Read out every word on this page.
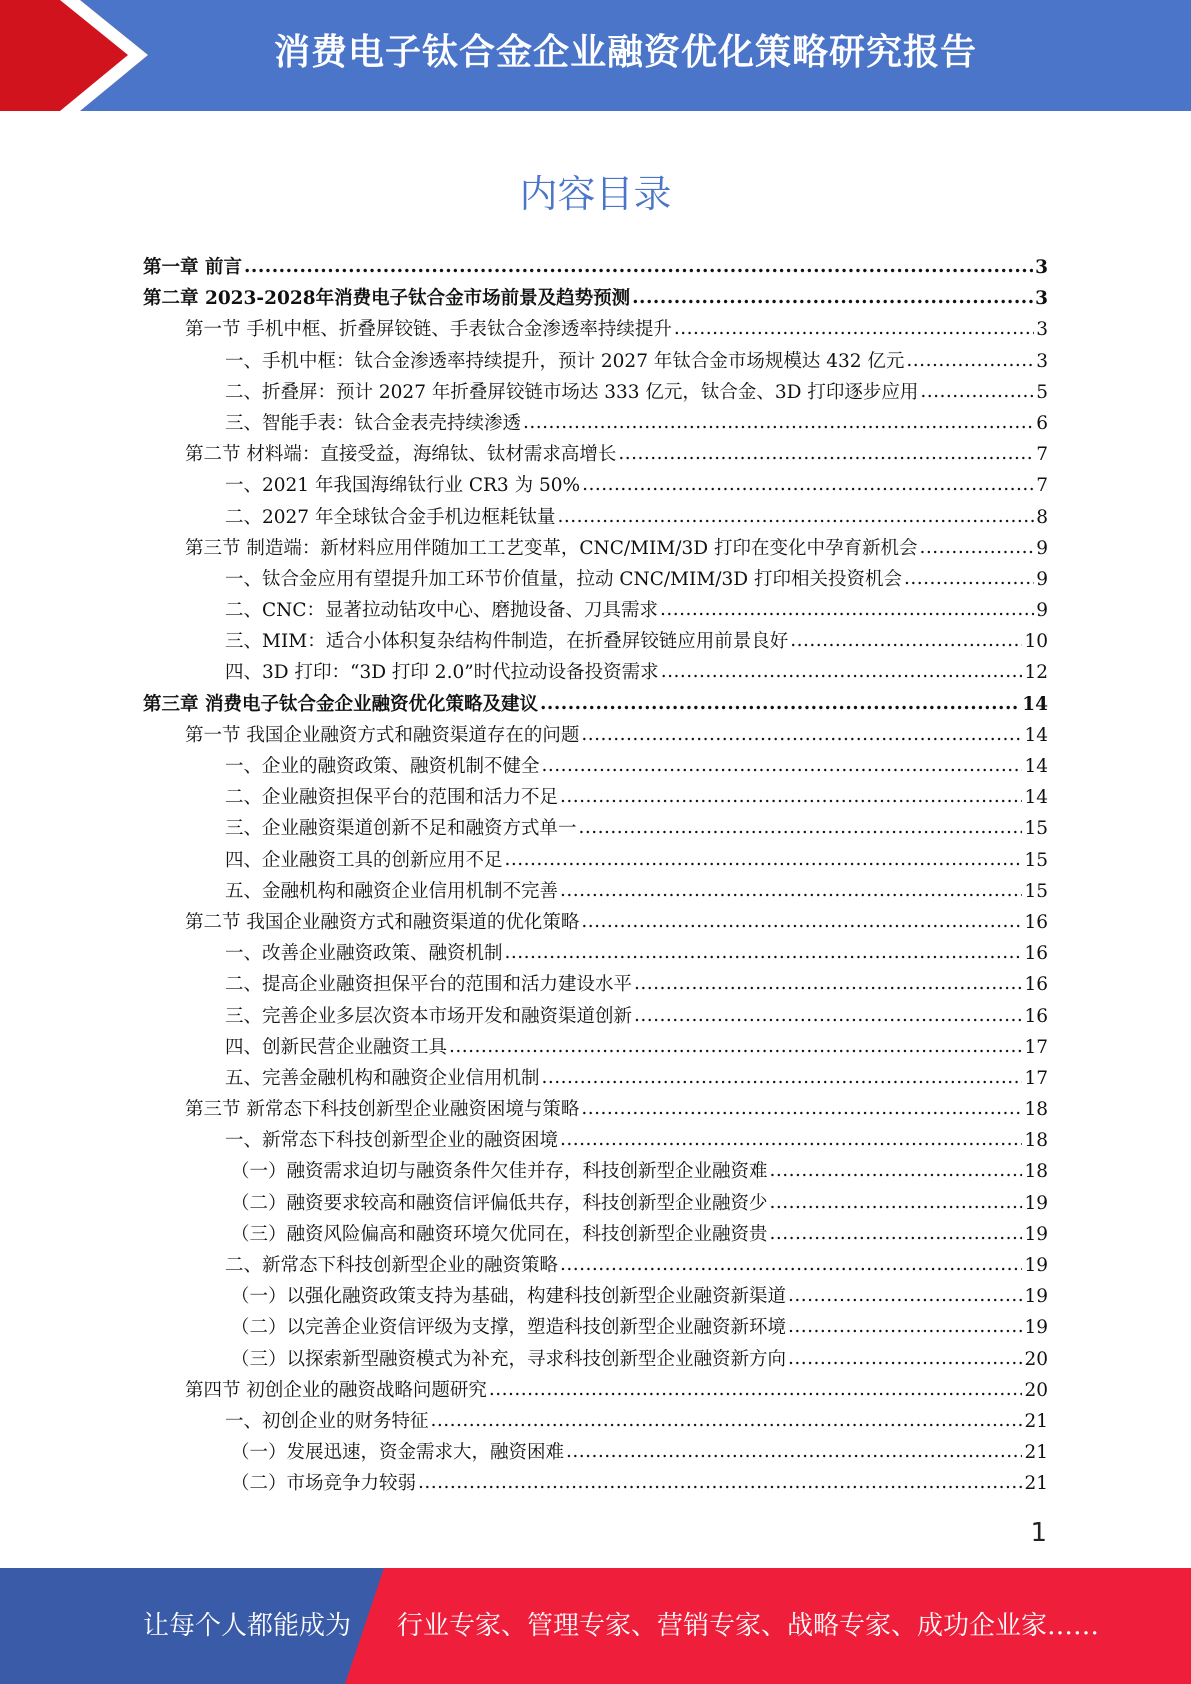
消费电子钛合金企业融资优化策略研究报告
内容目录
第一章 前言 .....	3
第二章 2023-2028年消费电子钛合金市场前景及趋势预测 .....	3
第一节 手机中框、折叠屏铰链、手表钛合金渗透率持续提升 .....	3
一、手机中框：钛合金渗透率持续提升，预计 2027 年钛合金市场规模达 432 亿元 .....	3
二、折叠屏：预计 2027 年折叠屏铰链市场达 333 亿元，钛合金、3D 打印逐步应用 .....	5
三、智能手表：钛合金表壳持续渗透 .....	6
第二节 材料端：直接受益，海绵钛、钛材需求高增长 .....	7
一、2021 年我国海绵钛行业 CR3 为 50% .....	7
二、2027 年全球钛合金手机边框耗钛量 .....	8
第三节 制造端：新材料应用伴随加工工艺变革，CNC/MIM/3D 打印在变化中孕育新机会 .....	9
一、钛合金应用有望提升加工环节价值量，拉动 CNC/MIM/3D 打印相关投资机会 .....	9
二、CNC：显著拉动钻攻中心、磨抛设备、刀具需求 .....	9
三、MIM：适合小体积复杂结构件制造，在折叠屏铰链应用前景良好 .....	10
四、3D 打印：“3D 打印 2.0”时代拉动设备投资需求 .....	12
第三章 消费电子钛合金企业融资优化策略及建议 .....	14
第一节 我国企业融资方式和融资渠道存在的问题 .....	14
一、企业的融资政策、融资机制不健全 .....	14
二、企业融资担保平台的范围和活力不足 .....	14
三、企业融资渠道创新不足和融资方式单一 .....	15
四、企业融资工具的创新应用不足 .....	15
五、金融机构和融资企业信用机制不完善 .....	15
第二节 我国企业融资方式和融资渠道的优化策略 .....	16
一、改善企业融资政策、融资机制 .....	16
二、提高企业融资担保平台的范围和活力建设水平 .....	16
三、完善企业多层次资本市场开发和融资渠道创新 .....	16
四、创新民营企业融资工具 .....	17
五、完善金融机构和融资企业信用机制 .....	17
第三节 新常态下科技创新型企业融资困境与策略 .....	18
一、新常态下科技创新型企业的融资困境 .....	18
（一）融资需求迫切与融资条件欠佳并存，科技创新型企业融资难 .....	18
（二）融资要求较高和融资信评偏低共存，科技创新型企业融资少 .....	19
（三）融资风险偏高和融资环境欠优同在，科技创新型企业融资贵 .....	19
二、新常态下科技创新型企业的融资策略 .....	19
（一）以强化融资政策支持为基础，构建科技创新型企业融资新渠道 .....	19
（二）以完善企业资信评级为支撑，塑造科技创新型企业融资新环境 .....	19
（三）以探索新型融资模式为补充，寻求科技创新型企业融资新方向 .....	20
第四节 初创企业的融资战略问题研究 .....	20
一、初创企业的财务特征 .....	21
（一）发展迅速，资金需求大，融资困难 .....	21
（二）市场竞争力较弱 .....	21
1
让每个人都能成为 行业专家、管理专家、营销专家、战略专家、成功企业家……
